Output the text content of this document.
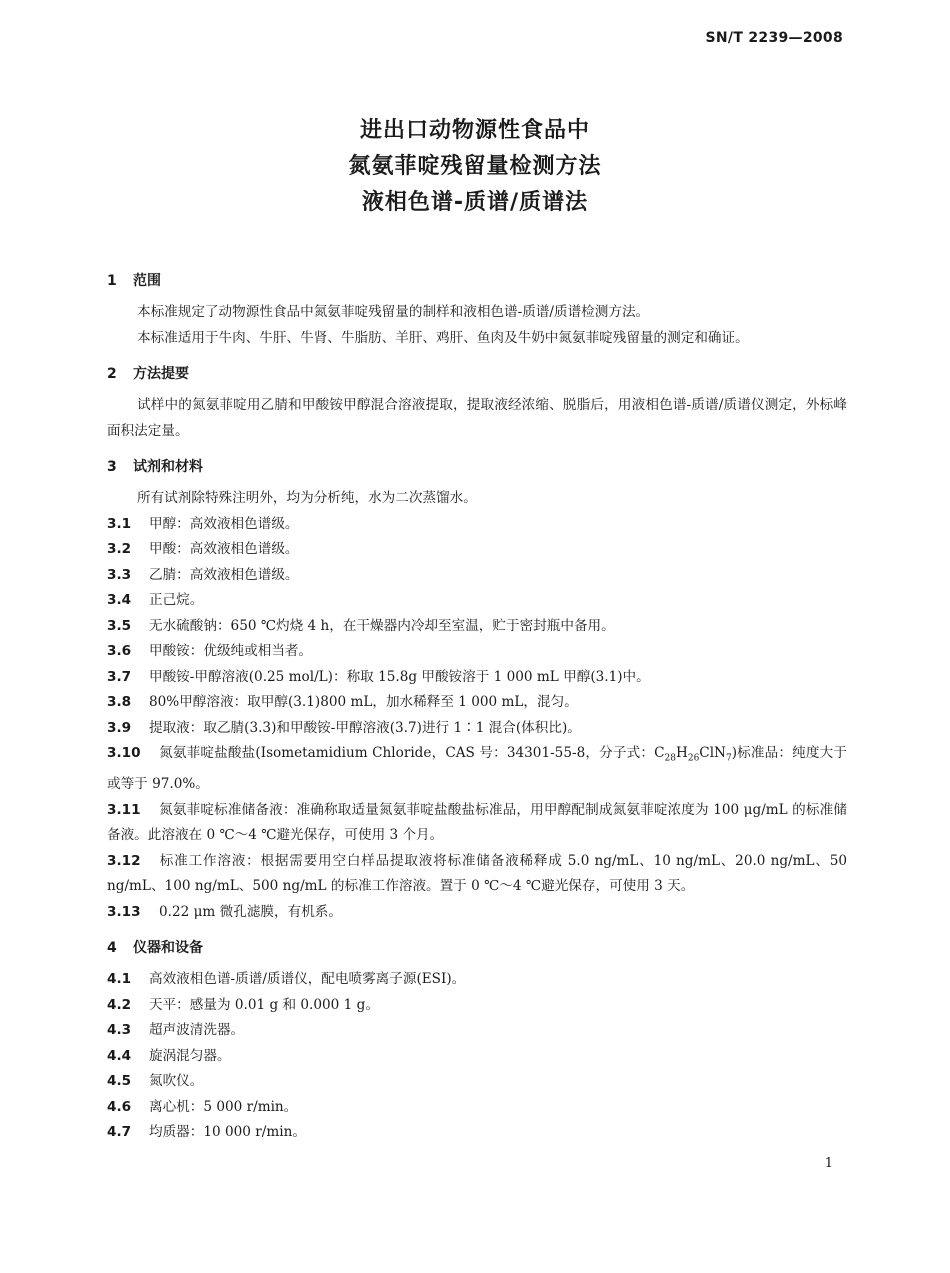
SN/T 2239—2008
进出口动物源性食品中
氮氨菲啶残留量检测方法
液相色谱-质谱/质谱法
1 范围
本标准规定了动物源性食品中氮氨菲啶残留量的制样和液相色谱-质谱/质谱检测方法。
本标准适用于牛肉、牛肝、牛肾、牛脂肪、羊肝、鸡肝、鱼肉及牛奶中氮氨菲啶残留量的测定和确证。
2 方法提要
试样中的氮氨菲啶用乙腈和甲酸铵甲醇混合溶液提取，提取液经浓缩、脱脂后，用液相色谱-质谱/质谱仪测定，外标峰面积法定量。
3 试剂和材料
所有试剂除特殊注明外，均为分析纯，水为二次蒸馏水。
3.1 甲醇：高效液相色谱级。
3.2 甲酸：高效液相色谱级。
3.3 乙腈：高效液相色谱级。
3.4 正己烷。
3.5 无水硫酸钠：650 ℃灼烧 4 h，在干燥器内冷却至室温，贮于密封瓶中备用。
3.6 甲酸铵：优级纯或相当者。
3.7 甲酸铵-甲醇溶液(0.25 mol/L)：称取 15.8g 甲酸铵溶于 1 000 mL 甲醇(3.1)中。
3.8 80%甲醇溶液：取甲醇(3.1)800 mL，加水稀释至 1 000 mL，混匀。
3.9 提取液：取乙腈(3.3)和甲酸铵-甲醇溶液(3.7)进行 1∶1 混合(体积比)。
3.10 氮氨菲啶盐酸盐(Isometamidium Chloride，CAS 号：34301-55-8，分子式：$C_{28}H_{26}ClN_7$)标准品：纯度大于或等于 97.0%。
3.11 氮氨菲啶标准储备液：准确称取适量氮氨菲啶盐酸盐标准品，用甲醇配制成氮氨菲啶浓度为 100 μg/mL 的标准储备液。此溶液在 0 ℃～4 ℃避光保存，可使用 3 个月。
3.12 标准工作溶液：根据需要用空白样品提取液将标准储备液稀释成 5.0 ng/mL、10 ng/mL、20.0 ng/mL、50 ng/mL、100 ng/mL、500 ng/mL 的标准工作溶液。置于 0 ℃～4 ℃避光保存，可使用 3 天。
3.13 0.22 μm 微孔滤膜，有机系。
4 仪器和设备
4.1 高效液相色谱-质谱/质谱仪，配电喷雾离子源(ESI)。
4.2 天平：感量为 0.01 g 和 0.000 1 g。
4.3 超声波清洗器。
4.4 旋涡混匀器。
4.5 氮吹仪。
4.6 离心机：5 000 r/min。
4.7 均质器：10 000 r/min。
1
